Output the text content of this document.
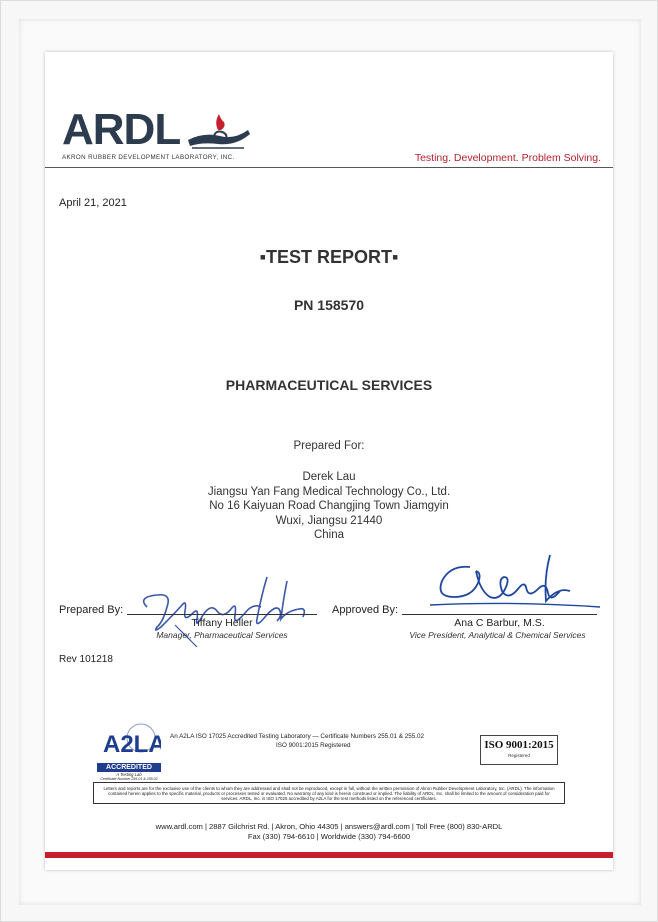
ARDL
AKRON RUBBER DEVELOPMENT LABORATORY, INC.	Testing. Development. Problem Solving.
April 21, 2021
▪TEST REPORT▪
PN 158570
PHARMACEUTICAL SERVICES
Prepared For:
Derek Lau
Jiangsu Yan Fang Medical Technology Co., Ltd.
No 16 Kaiyuan Road Changjing Town Jiamgyin
Wuxi, Jiangsu 21440
China
Prepared By:
Tiffany Heller
Manager, Pharmaceutical Services
Approved By:
Ana C Barbur, M.S.
Vice President, Analytical & Chemical Services
Rev 101218
A2LA
ACCREDITED
A Testing Lab
Certificate Number 255.01 & 255.02
An A2LA ISO 17025 Accredited Testing Laboratory — Certificate Numbers 255.01 & 255.02
ISO 9001:2015 Registered	ISO 9001:2015
Registered
Letters and reports are for the exclusive use of the clients to whom they are addressed and shall not be reproduced, except in full, without the written permission of Akron Rubber Development Laboratory, Inc. (ARDL). The information contained herein applies to the specific material, products or processes tested or evaluated. No warranty of any kind is herein construed or implied. The liability of ARDL, Inc. shall be limited to the amount of consideration paid for services. ARDL, Inc. is ISO 17025 accredited by A2LA for the test methods listed on the referenced certificates.
www.ardl.com | 2887 Gilchrist Rd. | Akron, Ohio 44305 | answers@ardl.com | Toll Free (800) 830-ARDL
Fax (330) 794-6610 | Worldwide (330) 794-6600
